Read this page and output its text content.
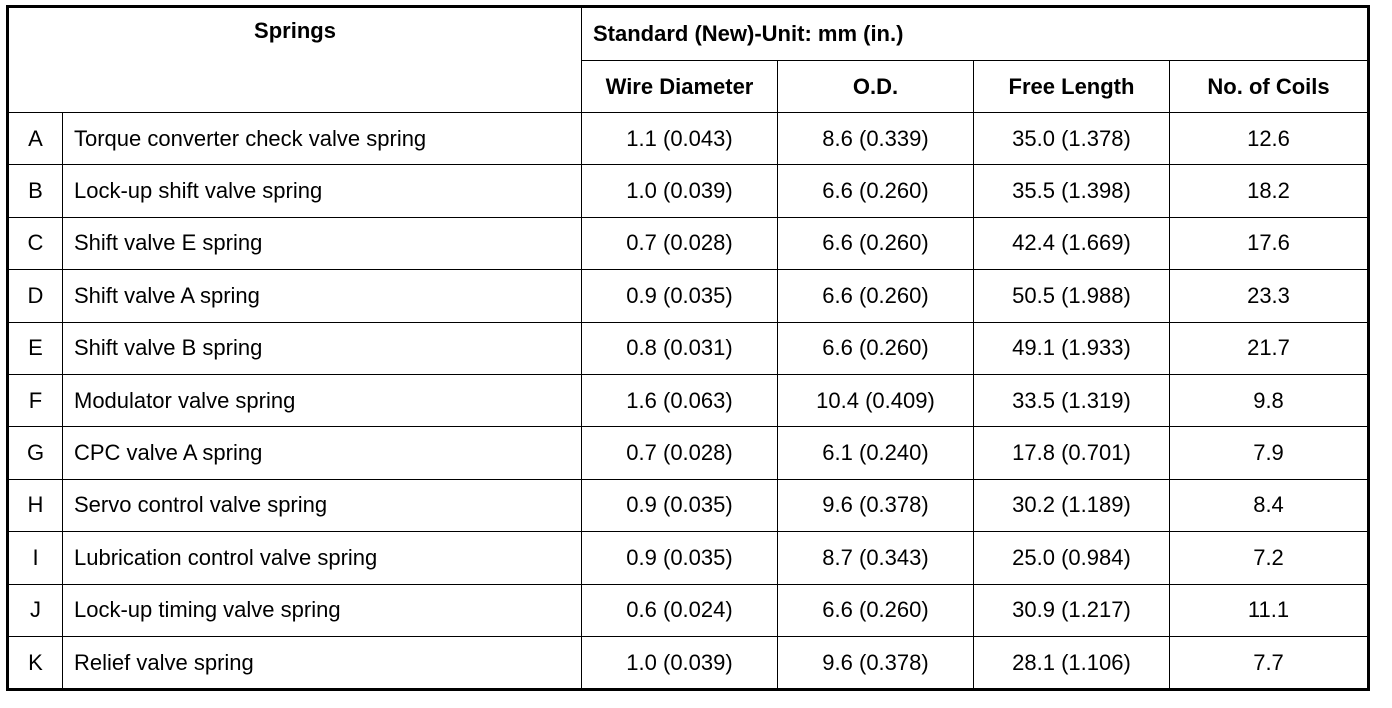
Springs		Standard (New)-Unit: mm (in.)			
		Wire Diameter	O.D.	Free Length	No. of Coils
A	Torque converter check valve spring	1.1 (0.043)	8.6 (0.339)	35.0 (1.378)	12.6
B	Lock-up shift valve spring	1.0 (0.039)	6.6 (0.260)	35.5 (1.398)	18.2
C	Shift valve E spring	0.7 (0.028)	6.6 (0.260)	42.4 (1.669)	17.6
D	Shift valve A spring	0.9 (0.035)	6.6 (0.260)	50.5 (1.988)	23.3
E	Shift valve B spring	0.8 (0.031)	6.6 (0.260)	49.1 (1.933)	21.7
F	Modulator valve spring	1.6 (0.063)	10.4 (0.409)	33.5 (1.319)	9.8
G	CPC valve A spring	0.7 (0.028)	6.1 (0.240)	17.8 (0.701)	7.9
H	Servo control valve spring	0.9 (0.035)	9.6 (0.378)	30.2 (1.189)	8.4
I	Lubrication control valve spring	0.9 (0.035)	8.7 (0.343)	25.0 (0.984)	7.2
J	Lock-up timing valve spring	0.6 (0.024)	6.6 (0.260)	30.9 (1.217)	11.1
K	Relief valve spring	1.0 (0.039)	9.6 (0.378)	28.1 (1.106)	7.7
